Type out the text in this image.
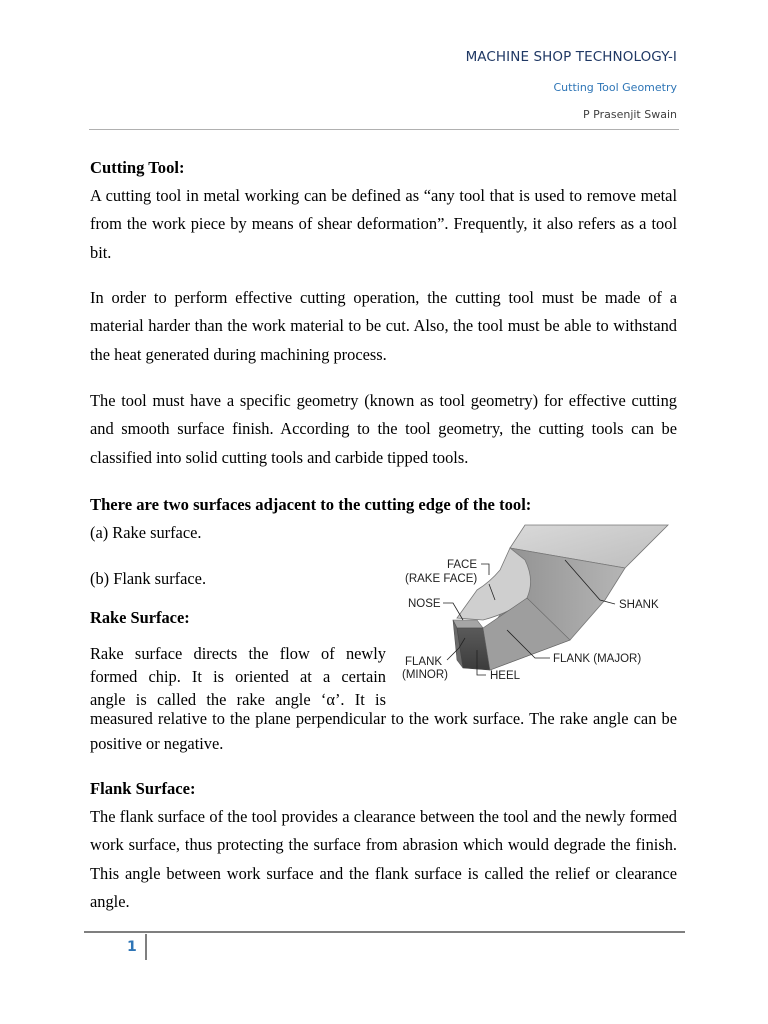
MACHINE SHOP TECHNOLOGY-I
Cutting Tool Geometry
P Prasenjit Swain
Cutting Tool:
A cutting tool in metal working can be defined as “any tool that is used to remove metal from the work piece by means of shear deformation”. Frequently, it also refers as a tool bit.
In order to perform effective cutting operation, the cutting tool must be made of a material harder than the work material to be cut. Also, the tool must be able to withstand the heat generated during machining process.
The tool must have a specific geometry (known as tool geometry) for effective cutting and smooth surface finish. According to the tool geometry, the cutting tools can be classified into solid cutting tools and carbide tipped tools.
There are two surfaces adjacent to the cutting edge of the tool:
(a) Rake surface.
(b) Flank surface.
Rake Surface:
Rake surface directs the flow of newly
formed chip. It is oriented at a certain
angle is called the rake angle ‘α’. It is
measured relative to the plane perpendicular to the work surface. The rake angle can be positive or negative.
FACE
(RAKE FACE)
NOSE	SHANK
FLANK
(MINOR)	HEEL
FLANK (MAJOR)
Flank Surface:
The flank surface of the tool provides a clearance between the tool and the newly formed work surface, thus protecting the surface from abrasion which would degrade the finish. This angle between work surface and the flank surface is called the relief or clearance angle.
1
